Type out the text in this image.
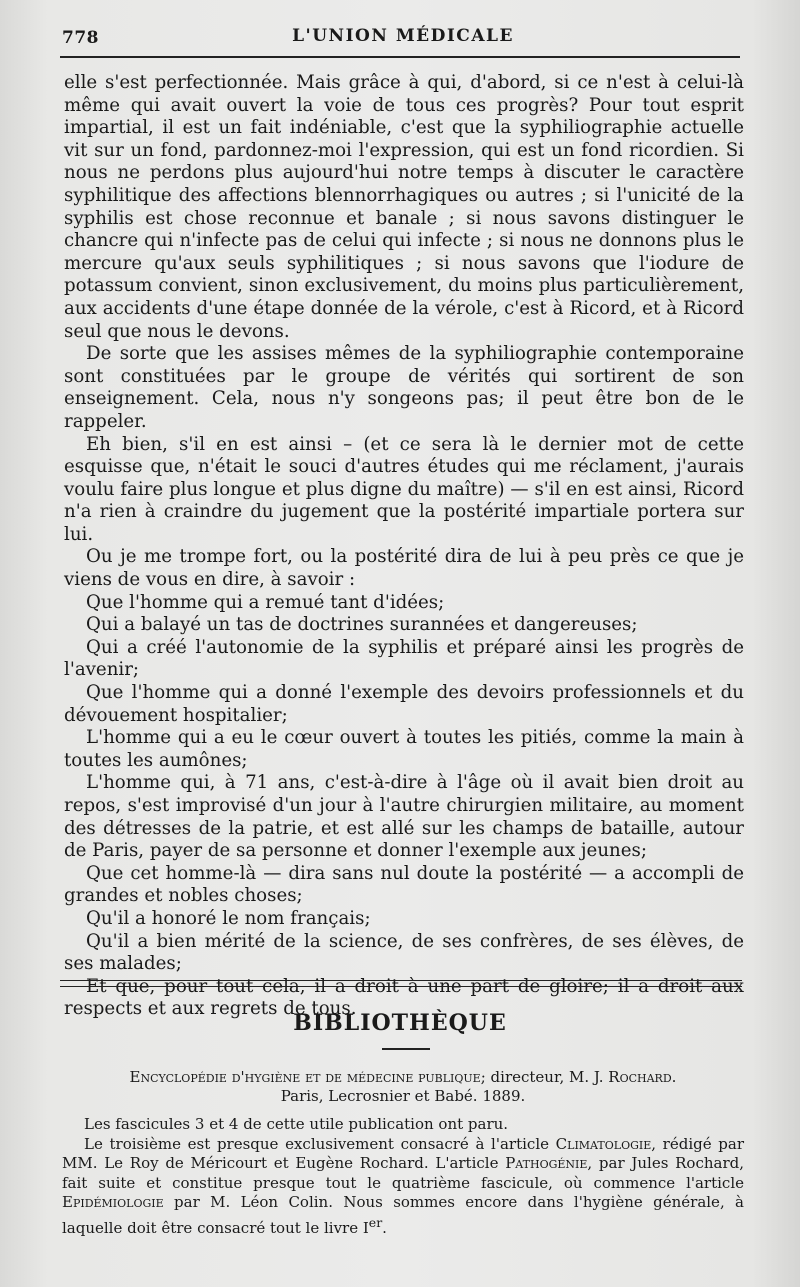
778	L'UNION MÉDICALE

elle s'est perfectionnée. Mais grâce à qui, d'abord, si ce n'est à celui-là même qui avait ouvert la voie de tous ces progrès? Pour tout esprit impartial, il est un fait indéniable, c'est que la syphiliographie actuelle vit sur un fond, pardonnez-moi l'expression, qui est un fond ricordien. Si nous ne perdons plus aujourd'hui notre temps à discuter le caractère syphilitique des affections blennorrhagiques ou autres ; si l'unicité de la syphilis est chose reconnue et banale ; si nous savons distinguer le chancre qui n'infecte pas de celui qui infecte ; si nous ne donnons plus le mercure qu'aux seuls syphilitiques ; si nous savons que l'iodure de potassum convient, sinon exclusivement, du moins plus particulièrement, aux accidents d'une étape donnée de la vérole, c'est à Ricord, et à Ricord seul que nous le devons.

De sorte que les assises mêmes de la syphiliographie contemporaine sont constituées par le groupe de vérités qui sortirent de son enseignement. Cela, nous n'y songeons pas; il peut être bon de le rappeler.

Eh bien, s'il en est ainsi – (et ce sera là le dernier mot de cette esquisse que, n'était le souci d'autres études qui me réclament, j'aurais voulu faire plus longue et plus digne du maître) — s'il en est ainsi, Ricord n'a rien à craindre du jugement que la postérité impartiale portera sur lui.

Ou je me trompe fort, ou la postérité dira de lui à peu près ce que je viens de vous en dire, à savoir :

Que l'homme qui a remué tant d'idées;

Qui a balayé un tas de doctrines surannées et dangereuses;

Qui a créé l'autonomie de la syphilis et préparé ainsi les progrès de l'avenir;

Que l'homme qui a donné l'exemple des devoirs professionnels et du dévouement hospitalier;

L'homme qui a eu le cœur ouvert à toutes les pitiés, comme la main à toutes les aumônes;

L'homme qui, à 71 ans, c'est-à-dire à l'âge où il avait bien droit au repos, s'est improvisé d'un jour à l'autre chirurgien militaire, au moment des détresses de la patrie, et est allé sur les champs de bataille, autour de Paris, payer de sa personne et donner l'exemple aux jeunes;

Que cet homme-là — dira sans nul doute la postérité — a accompli de grandes et nobles choses;

Qu'il a honoré le nom français;

Qu'il a bien mérité de la science, de ses confrères, de ses élèves, de ses malades;

Et que, pour tout cela, il a droit à une part de gloire; il a droit aux respects et aux regrets de tous.

BIBLIOTHÈQUE
Encyclopédie d'hygiène et de médecine publique; directeur, M. J. Rochard.
Paris, Lecrosnier et Babé. 1889.

Les fascicules 3 et 4 de cette utile publication ont paru.

Le troisième est presque exclusivement consacré à l'article Climatologie, rédigé par MM. Le Roy de Méricourt et Eugène Rochard. L'article Pathogénie, par Jules Rochard, fait suite et constitue presque tout le quatrième fascicule, où commence l'article Epidémiologie par M. Léon Colin. Nous sommes encore dans l'hygiène générale, à laquelle doit être consacré tout le livre Ier.
